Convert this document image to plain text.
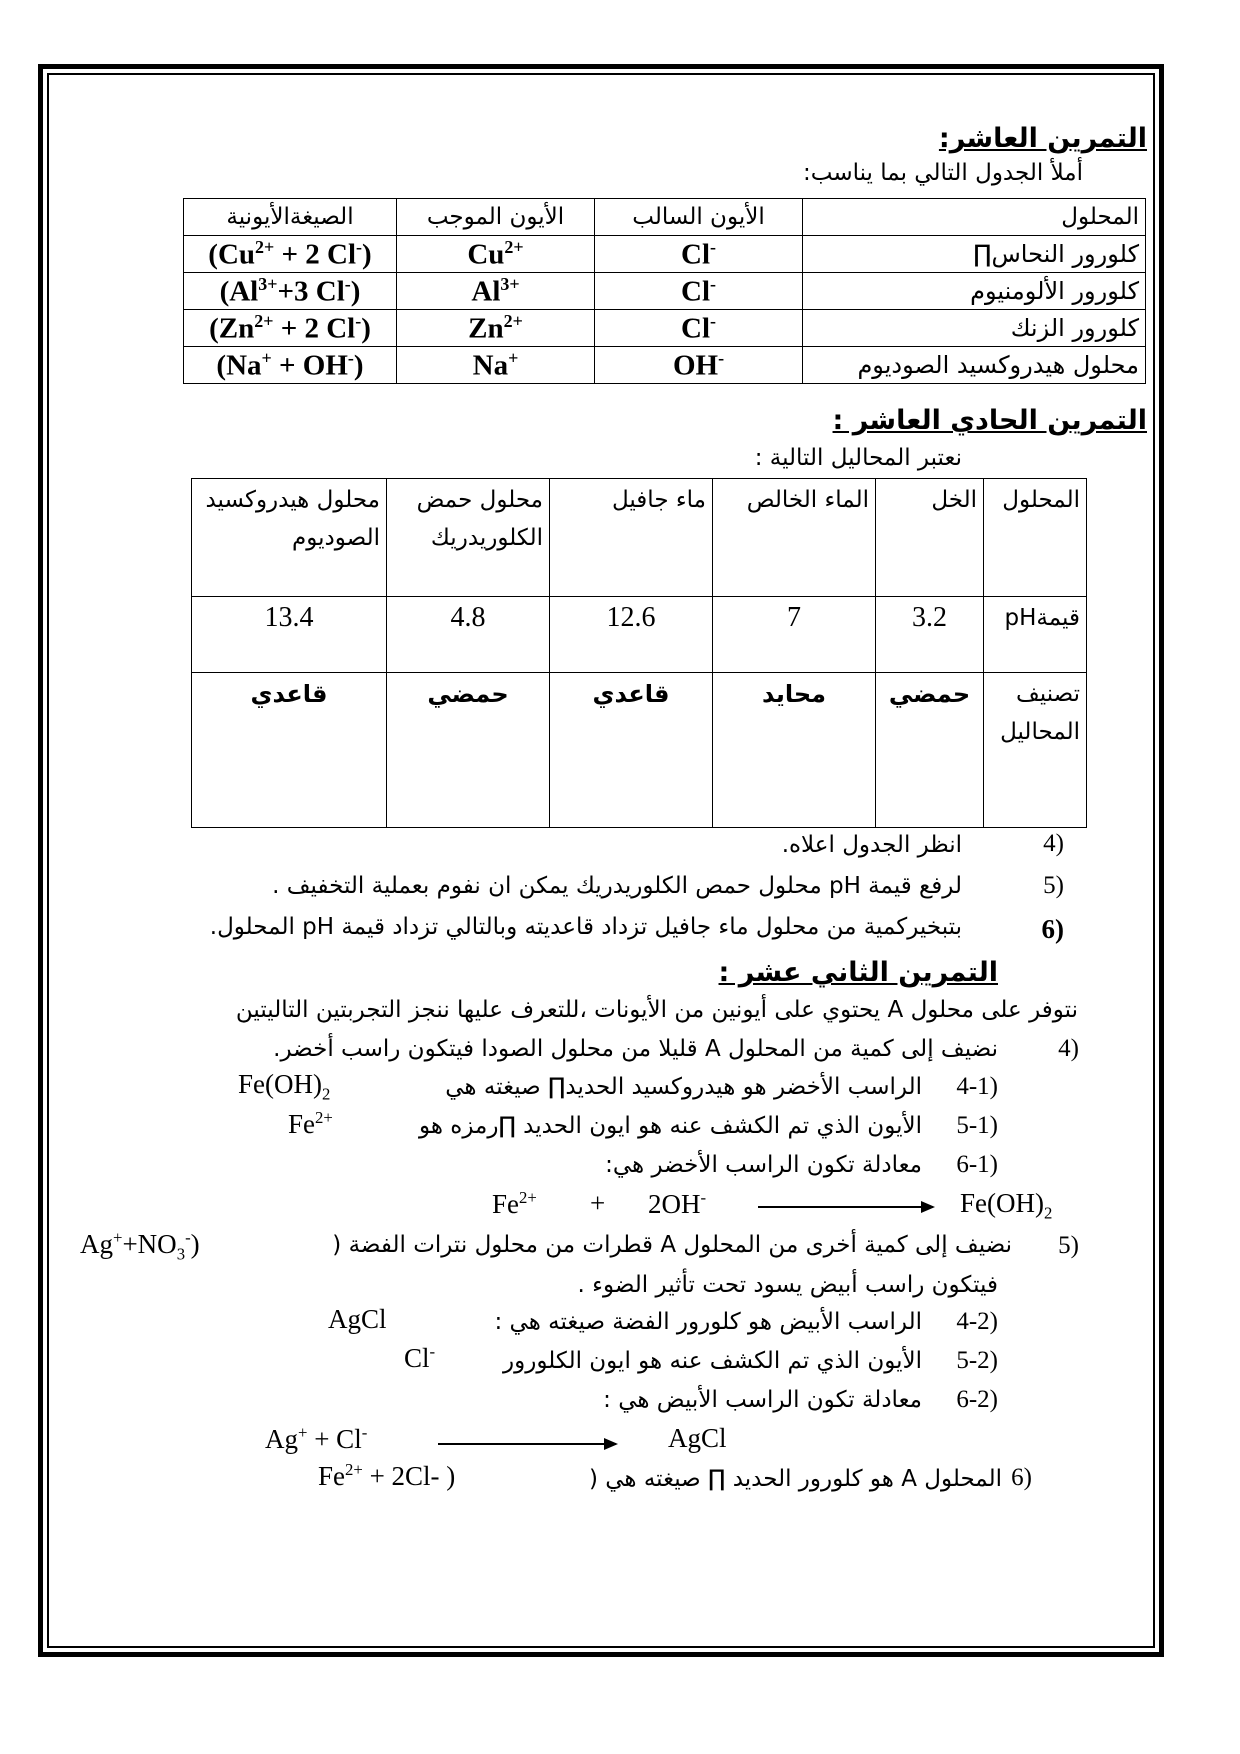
التمرين العاشر:
أملأ الجدول التالي بما يناسب:
المحلول	الأيون السالب	الأيون الموجب	الصيغةالأيونية
كلورور النحاس∏	Cl-	$Cu^{2+}$	($Cu^{2+} + 2$ Cl-)
كلورور الألومنيوم	Cl-	$Al^{3+}$	($Al^{3+}+3$ Cl-)
كلورور الزنك	Cl-	$Zn^{2+}$	($Zn^{2+} + 2$ Cl-)
محلول هيدروكسيد الصوديوم	OH-	Na+	(Na+ + OH-)
التمرين الحادي العاشر :
نعتبر المحاليل التالية :
المحلول	الخل	الماء الخالص	ماء جافيل	محلول حمض الكلوريدريك	محلول هيدروكسيد الصوديوم
قيمةpH	3.2	7	12.6	4.8	13.4
تصنيف المحاليل	حمضي	محايد	قاعدي	حمضي	قاعدي
4)
انظر الجدول اعلاه.
5)
لرفع قيمة pH محلول حمص الكلوريدريك يمكن ان نفوم بعملية التخفيف .
6)
بتبخيركمية من محلول ماء جافيل تزداد قاعديته وبالتالي تزداد قيمة pH المحلول.
التمرين الثاني عشر :
نتوفر على محلول A يحتوي على أيونين من الأيونات ،للتعرف عليها ننجز التجربتين التاليتين
4)
نضيف إلى كمية من المحلول A قليلا من محلول الصودا فيتكون راسب أخضر.
4-1)
الراسب الأخضر هو هيدروكسيد الحديد∏ صيغته هي
$Fe(OH)_2$
5-1)
الأيون الذي تم الكشف عنه هو ايون الحديد ∏رمزه هو
$Fe^{2+}$
6-1)
معادلة تكون الراسب الأخضر هي:
$Fe^{2+} + 2OH^-$	$Fe(OH)_2$
5)
نضيف إلى كمية أخرى من المحلول A قطرات من محلول نترات الفضة (
$Ag^++NO_3^-$)
فيتكون راسب أبيض يسود تحت تأثير الضوء .
4-2)
الراسب الأبيض هو كلورور الفضة صيغته هي :
AgCl
5-2)
الأيون الذي تم الكشف عنه هو ايون الكلورور
Cl-
6-2)
معادلة تكون الراسب الأبيض هي :
Ag+ + Cl-	AgCl
6)
المحلول A هو كلورور الحديد ∏ صيغته هي (
$Fe^{2+} + 2Cl-$ )
